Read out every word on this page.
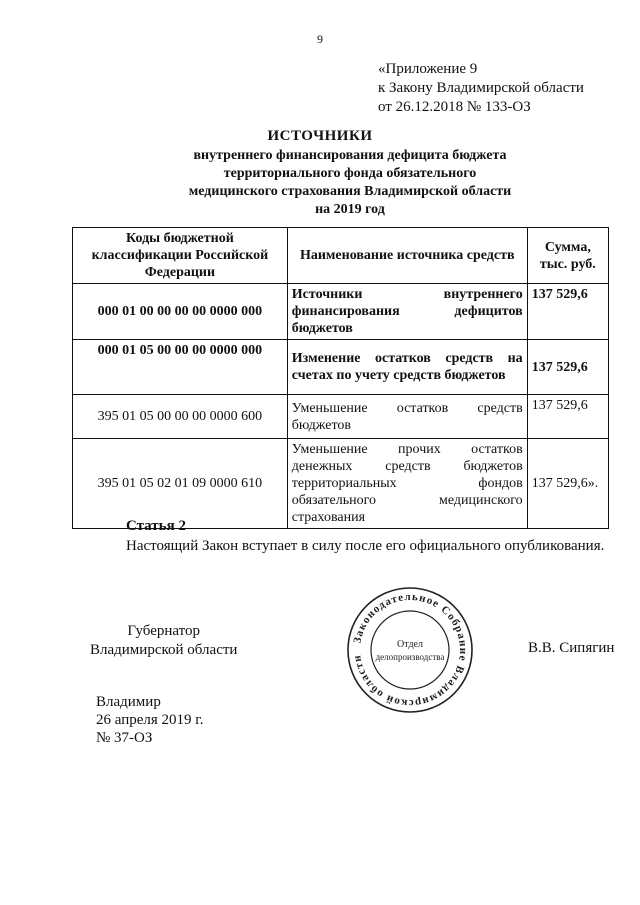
9
«Приложение 9
к Закону Владимирской области
от 26.12.2018 № 133-ОЗ
ИСТОЧНИКИ
внутреннего финансирования дефицита бюджета
территориального фонда обязательного
медицинского страхования Владимирской области
на 2019 год
Коды бюджетной классификации Российской Федерации	Наименование источника средств	Сумма, тыс. руб.
000 01 00 00 00 00 0000 000	Источники внутреннего финансирования дефицитов бюджетов	137 529,6
000 01 05 00 00 00 0000 000	Изменение остатков средств на счетах по учету средств бюджетов	137 529,6
395 01 05 00 00 00 0000 600	Уменьшение остатков средств бюджетов	137 529,6
395 01 05 02 01 09 0000 610	Уменьшение прочих остатков денежных средств бюджетов территориальных фондов обязательного медицинского страхования	137 529,6».
Статья 2
Настоящий Закон вступает в силу после его официального опубликования.
Губернатор
Владимирской области
Законодательное Собрание Владимирской области
Отдел
делопроизводства
В.В. Сипягин
Владимир
26 апреля 2019 г.
№ 37-ОЗ
